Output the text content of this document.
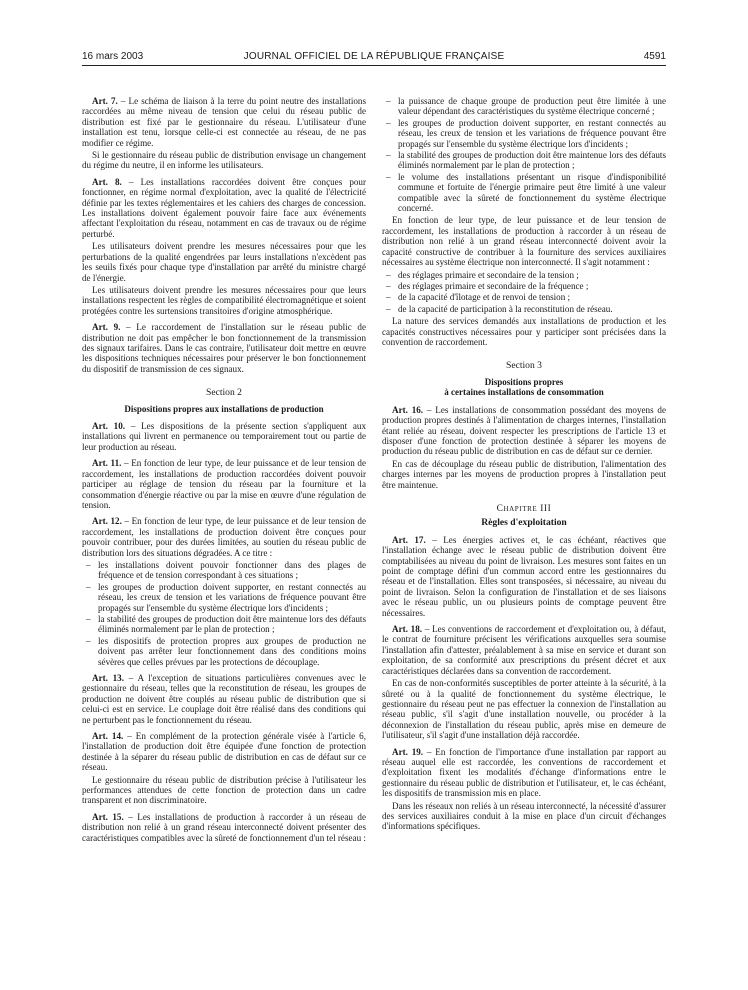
16 mars 2003	JOURNAL OFFICIEL DE LA RÉPUBLIQUE FRANÇAISE	4591

Art. 7. – Le schéma de liaison à la terre du point neutre des installations raccordées au même niveau de tension que celui du réseau public de distribution est fixé par le gestionnaire du réseau. L'utilisateur d'une installation est tenu, lorsque celle-ci est connectée au réseau, de ne pas modifier ce régime.

Si le gestionnaire du réseau public de distribution envisage un changement du régime du neutre, il en informe les utilisateurs.

Art. 8. – Les installations raccordées doivent être conçues pour fonctionner, en régime normal d'exploitation, avec la qualité de l'électricité définie par les textes réglementaires et les cahiers des charges de concession. Les installations doivent également pouvoir faire face aux événements affectant l'exploitation du réseau, notamment en cas de travaux ou de régime perturbé.

Les utilisateurs doivent prendre les mesures nécessaires pour que les perturbations de la qualité engendrées par leurs installations n'excèdent pas les seuils fixés pour chaque type d'installation par arrêté du ministre chargé de l'énergie.

Les utilisateurs doivent prendre les mesures nécessaires pour que leurs installations respectent les règles de compatibilité électromagnétique et soient protégées contre les surtensions transitoires d'origine atmosphérique.

Art. 9. – Le raccordement de l'installation sur le réseau public de distribution ne doit pas empêcher le bon fonctionnement de la transmission des signaux tarifaires. Dans le cas contraire, l'utilisateur doit mettre en œuvre les dispositions techniques nécessaires pour préserver le bon fonctionnement du dispositif de transmission de ces signaux.

Section 2

Dispositions propres aux installations de production

Art. 10. – Les dispositions de la présente section s'appliquent aux installations qui livrent en permanence ou temporairement tout ou partie de leur production au réseau.

Art. 11. – En fonction de leur type, de leur puissance et de leur tension de raccordement, les installations de production raccordées doivent pouvoir participer au réglage de tension du réseau par la fourniture et la consommation d'énergie réactive ou par la mise en œuvre d'une régulation de tension.

Art. 12. – En fonction de leur type, de leur puissance et de leur tension de raccordement, les installations de production doivent être conçues pour pouvoir contribuer, pour des durées limitées, au soutien du réseau public de distribution lors des situations dégradées. A ce titre :

– les installations doivent pouvoir fonctionner dans des plages de fréquence et de tension correspondant à ces situations ;
– les groupes de production doivent supporter, en restant connectés au réseau, les creux de tension et les variations de fréquence pouvant être propagés sur l'ensemble du système électrique lors d'incidents ;
– la stabilité des groupes de production doit être maintenue lors des défauts éliminés normalement par le plan de protection ;
– les dispositifs de protection propres aux groupes de production ne doivent pas arrêter leur fonctionnement dans des conditions moins sévères que celles prévues par les protections de découplage.

Art. 13. – A l'exception de situations particulières convenues avec le gestionnaire du réseau, telles que la reconstitution de réseau, les groupes de production ne doivent être couplés au réseau public de distribution que si celui-ci est en service. Le couplage doit être réalisé dans des conditions qui ne perturbent pas le fonctionnement du réseau.

Art. 14. – En complément de la protection générale visée à l'article 6, l'installation de production doit être équipée d'une fonction de protection destinée à la séparer du réseau public de distribution en cas de défaut sur ce réseau.

Le gestionnaire du réseau public de distribution précise à l'utilisateur les performances attendues de cette fonction de protection dans un cadre transparent et non discriminatoire.

Art. 15. – Les installations de production à raccorder à un réseau de distribution non relié à un grand réseau interconnecté doivent présenter des caractéristiques compatibles avec la sûreté de fonctionnement d'un tel réseau :

– la puissance de chaque groupe de production peut être limitée à une valeur dépendant des caractéristiques du système électrique concerné ;
– les groupes de production doivent supporter, en restant connectés au réseau, les creux de tension et les variations de fréquence pouvant être propagés sur l'ensemble du système électrique lors d'incidents ;
– la stabilité des groupes de production doit être maintenue lors des défauts éliminés normalement par le plan de protection ;
– le volume des installations présentant un risque d'indisponibilité commune et fortuite de l'énergie primaire peut être limité à une valeur compatible avec la sûreté de fonctionnement du système électrique concerné.

En fonction de leur type, de leur puissance et de leur tension de raccordement, les installations de production à raccorder à un réseau de distribution non relié à un grand réseau interconnecté doivent avoir la capacité constructive de contribuer à la fourniture des services auxiliaires nécessaires au système électrique non interconnecté. Il s'agit notamment :

– des réglages primaire et secondaire de la tension ;
– des réglages primaire et secondaire de la fréquence ;
– de la capacité d'îlotage et de renvoi de tension ;
– de la capacité de participation à la reconstitution de réseau.

La nature des services demandés aux installations de production et les capacités constructives nécessaires pour y participer sont précisées dans la convention de raccordement.

Section 3

Dispositions propres
à certaines installations de consommation

Art. 16. – Les installations de consommation possédant des moyens de production propres destinés à l'alimentation de charges internes, l'installation étant reliée au réseau, doivent respecter les prescriptions de l'article 13 et disposer d'une fonction de protection destinée à séparer les moyens de production du réseau public de distribution en cas de défaut sur ce dernier.

En cas de découplage du réseau public de distribution, l'alimentation des charges internes par les moyens de production propres à l'installation peut être maintenue.

Chapitre III

Règles d'exploitation

Art. 17. – Les énergies actives et, le cas échéant, réactives que l'installation échange avec le réseau public de distribution doivent être comptabilisées au niveau du point de livraison. Les mesures sont faites en un point de comptage défini d'un commun accord entre les gestionnaires du réseau et de l'installation. Elles sont transposées, si nécessaire, au niveau du point de livraison. Selon la configuration de l'installation et de ses liaisons avec le réseau public, un ou plusieurs points de comptage peuvent être nécessaires.

Art. 18. – Les conventions de raccordement et d'exploitation ou, à défaut, le contrat de fourniture précisent les vérifications auxquelles sera soumise l'installation afin d'attester, préalablement à sa mise en service et durant son exploitation, de sa conformité aux prescriptions du présent décret et aux caractéristiques déclarées dans sa convention de raccordement.

En cas de non-conformités susceptibles de porter atteinte à la sécurité, à la sûreté ou à la qualité de fonctionnement du système électrique, le gestionnaire du réseau peut ne pas effectuer la connexion de l'installation au réseau public, s'il s'agit d'une installation nouvelle, ou procéder à la déconnexion de l'installation du réseau public, après mise en demeure de l'utilisateur, s'il s'agit d'une installation déjà raccordée.

Art. 19. – En fonction de l'importance d'une installation par rapport au réseau auquel elle est raccordée, les conventions de raccordement et d'exploitation fixent les modalités d'échange d'informations entre le gestionnaire du réseau public de distribution et l'utilisateur, et, le cas échéant, les dispositifs de transmission mis en place.

Dans les réseaux non reliés à un réseau interconnecté, la nécessité d'assurer des services auxiliaires conduit à la mise en place d'un circuit d'échanges d'informations spécifiques.
